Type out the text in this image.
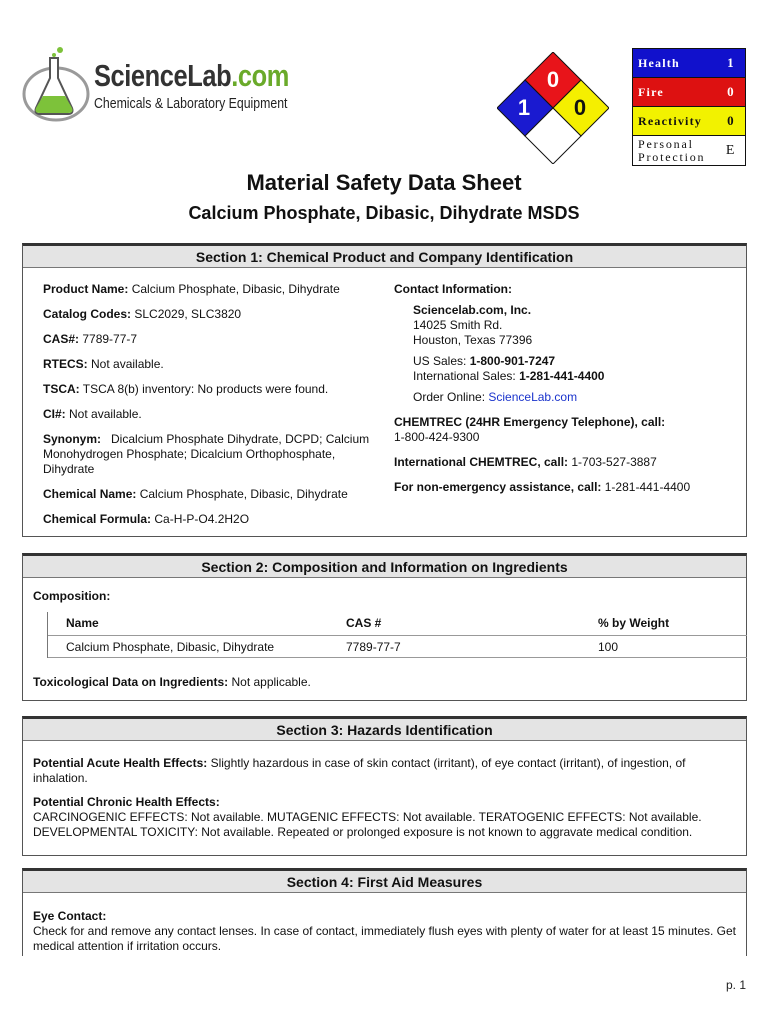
ScienceLab.com
Chemicals & Laboratory Equipment
0
1 0
Health	1
Fire	0
Reactivity	0
Personal
Protection	E
Material Safety Data Sheet
Calcium Phosphate, Dibasic, Dihydrate MSDS
Section 1: Chemical Product and Company Identification

Product Name: Calcium Phosphate, Dibasic, Dihydrate

Catalog Codes: SLC2029, SLC3820

CAS#: 7789-77-7

RTECS: Not available.

TSCA: TSCA 8(b) inventory: No products were found.

CI#: Not available.

Synonym:   Dicalcium Phosphate Dihydrate, DCPD; Calcium Monohydrogen Phosphate; Dicalcium Orthophosphate, Dihydrate

Chemical Name: Calcium Phosphate, Dibasic, Dihydrate

Chemical Formula: Ca-H-P-O4.2H2O

Contact Information:

Sciencelab.com, Inc.
14025 Smith Rd.
Houston, Texas 77396
US Sales: 1-800-901-7247
International Sales: 1-281-441-4400
Order Online: ScienceLab.com

CHEMTREC (24HR Emergency Telephone), call:
1-800-424-9300

International CHEMTREC, call: 1-703-527-3887

For non-emergency assistance, call: 1-281-441-4400

Section 2: Composition and Information on Ingredients
Composition:
Name	CAS #	% by Weight
Calcium Phosphate, Dibasic, Dihydrate	7789-77-7	100
Toxicological Data on Ingredients: Not applicable.
Section 3: Hazards Identification

Potential Acute Health Effects: Slightly hazardous in case of skin contact (irritant), of eye contact (irritant), of ingestion, of inhalation.

Potential Chronic Health Effects:
CARCINOGENIC EFFECTS: Not available. MUTAGENIC EFFECTS: Not available. TERATOGENIC EFFECTS: Not available. DEVELOPMENTAL TOXICITY: Not available. Repeated or prolonged exposure is not known to aggravate medical condition.

Section 4: First Aid Measures
Eye Contact:
Check for and remove any contact lenses. In case of contact, immediately flush eyes with plenty of water for at least 15 minutes. Get medical attention if irritation occurs.
p. 1
